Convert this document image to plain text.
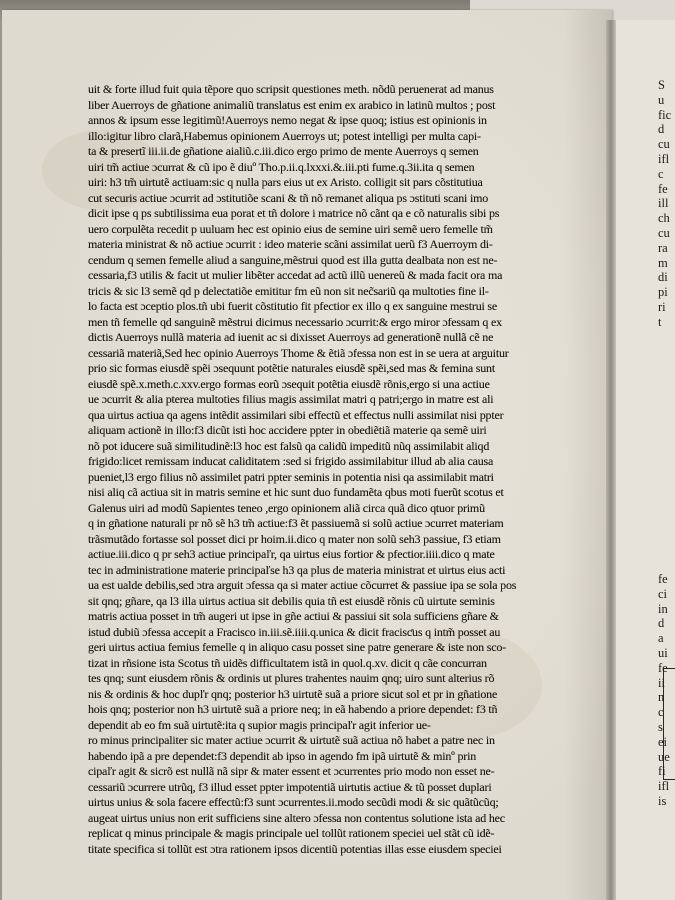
uit & forte illud fuit quia tẽpore quo scripsit questiones meth. nõdũ peruenerat ad manus
liber Auerroys de gñatione animaliũ translatus est enim ex arabico in latinũ multos ; post
annos & ipsum esse legitimũ!Auerroys nemo negat & ipse quoq; istius est opinionis in
illo:igitur libro clarã,Habemus opinionem Auerroys ut; potest intelligi per multa capi-
ta & presertĩ iii.ii.de gñatione aialiũ.c.iii.dico ergo primo de mente Auerroys q semen
uiri tm̃ actiue ɔcurrat & cũ ipo ẽ diuº Tho.p.ii.q.lxxxi.&.iii.pti fume.q.3ii.ita q semen
uiri: h3 tm̃ uirtutẽ actiuam:sic q nulla pars eius ut ex Aristo. colligit sit pars cõstitutiua
cut securis actiue ɔcurrit ad ɔstitutiõe scani & tñ nõ remanet aliqua ps ɔstituti scani imo
dicit ipse q ps subtilissima eua porat et tñ dolore i matrice nõ cãnt qa e cõ naturalis sibi ps
uero corpulẽta recedit p uuluam hec est opinio eius de semine uiri semẽ uero femelle tm̃
materia ministrat & nõ actiue ɔcurrit : ideo materie scãni assimilat uerũ f3 Auerroym di-
cendum q semen femelle aliud a sanguine,mẽstrui quod est illa gutta dealbata non est ne-
cessaria,f3 utilis & facit ut mulier libẽter accedat ad actũ illũ uenereũ & mada facit ora ma
tricis & sic l3 semẽ qd p delectatiõe emititur fm eũ non sit nec̃sariũ qa multoties fine il-
lo facta est ɔceptio plos.tñ ubi fuerit cõstitutio fit pfectior ex illo q ex sanguine mestrui se
men tñ femelle qd sanguinẽ mẽstrui dicimus necessario ɔcurrit:& ergo miror ɔfessam q ex
dictis Auerroys nullã materia ad iuenit ac si dixisset Auerroys ad generationẽ nullã cẽ ne
cessariã materiã,Sed hec opinio Auerroys Thome & ẽtiã ɔfessa non est in se uera at arguitur
prio sic formas eiusdẽ spẽi ɔsequunt potẽtie naturales eiusdẽ spẽi,sed mas & femina sunt
eiusdẽ spẽ.x.meth.c.xxv.ergo formas eorũ ɔsequit potẽtia eiusdẽ rõnis,ergo si una actiue
ue ɔcurrit & alia pterea multoties filius magis assimilat matri q patri;ergo in matre est ali
qua uirtus actiua qa agens intẽdit assimilari sibi effectũ et effectus nulli assimilat nisi ppter
aliquam actionẽ in illo:f3 dicũt isti hoc accidere ppter in obediẽtiã materie qa semẽ uiri
nõ pot iducere suã similitudinẽ:l3 hoc est falsũ qa calidũ impeditũ nũq assimilabit aliqd
frigido:licet remissam inducat caliditatem :sed si frigido assimilabitur illud ab alia causa
pueniet,l3 ergo filius nõ assimilet patri ppter seminis in potentia nisi qa assimilabit matri
nisi aliq cã actiua sit in matris semine et hic sunt duo fundamẽta qbus moti fuerũt scotus et
Galenus uiri ad modũ Sapientes teneo ,ergo opinionem aliã circa quã dico qtuor primũ
q in gñatione naturali pr nõ sẽ h3 tm̃ actiue:f3 ẽt passiuemã si solũ actiue ɔcurret materiam
trãsmutãdo fortasse sol posset dici pr hoim.ii.dico q mater non solũ seh3 passiue, f3 etiam
actiue.iii.dico q pr seh3 actiue principaľr, qa uirtus eius fortior & pfectior.iiii.dico q mate
tec in administratione materie principaľse h3 qa plus de materia ministrat et uirtus eius acti
ua est ualde debilis,sed ɔtra arguit ɔfessa qa si mater actiue cõcurret & passiue ipa se sola pos
sit qnq; gñare, qa l3 illa uirtus actiua sit debilis quia tñ est eiusdẽ rõnis cũ uirtute seminis
matris actiua posset in tm̃ augeri ut ipse in gñe actiui & passiui sit sola sufficiens gñare &
istud dubiũ ɔfessa accepit a Fracisco in.iii.sẽ.iiii.q.unica & dicit fracisƈus q intm̃ posset au
geri uirtus actiua femius femelle q in aliquo casu posset sine patre generare & iste non sco-
tizat in rñsione ista Scotus tñ uidẽs difficultatem istã in quol.q.xv. dicit q cãe concurran
tes qnq; sunt eiusdem rõnis & ordinis ut plures trahentes nauim qnq; uiro sunt alterius rõ
nis & ordinis & hoc dupľr qnq; posterior h3 uirtutẽ suã a priore sicut sol et pr in gñatione
hois qnq; posterior non h3 uirtutẽ suã a priore neq; in eã habendo a priore dependet: f3 tñ
dependit ab eo fm suã uirtutẽ:ita q supior magis principaľr agit inferior ue-
ro minus principaliter sic mater actiue ɔcurrit & uirtutẽ suã actiua nõ habet a patre nec in
habendo ipã a pre dependet:f3 dependit ab ipso in agendo fm ipã uirtutẽ & minº prin
cipaľr agit & sicrõ est nullã nã sipr & mater essent et ɔcurrentes prio modo non esset ne-
cessariũ ɔcurrere utrũq, f3 illud esset ppter impotentiã uirtutis actiue & tũ posset duplari
uirtus unius & sola facere effectũ:f3 sunt ɔcurrentes.ii.modo secũdi modi & sic quãtũcũq;
augeat uirtus unius non erit sufficiens sine altero ɔfessa non contentus solutione ista ad hec
replicat q minus principale & magis principale uel tollũt rationem speciei uel stãt cũ idẽ-
titate specifica si tollũt est ɔtra rationem ipsos dicentiũ potentias illas esse eiusdem speciei
S
u
fic
d
cu
ifl
c
fe
ill
ch
cu
ra
m
di
pi
ri
t
fe
ci
in
d
a
ui
fe
ii
n
c
s
ei
ue
fi
ifl
is
